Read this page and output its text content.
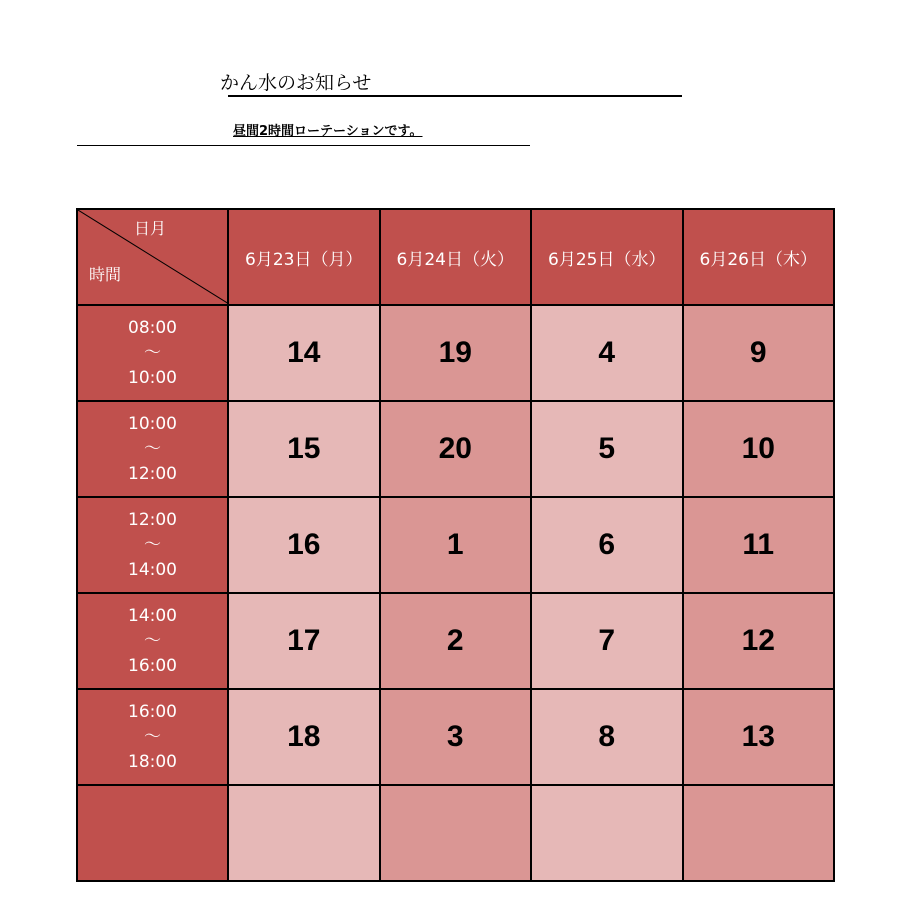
かん水のお知らせ
昼間2時間ローテーションです。
日月
時間	6月23日（月）	6月24日（火）	6月25日（水）	6月26日（木）

08:00
～
10:00	14	19	4	9

10:00
～
12:00	15	20	5	10

12:00
～
14:00	16	1	6	11

14:00
～
16:00	17	2	7	12

16:00
～
18:00	18	3	8	13
